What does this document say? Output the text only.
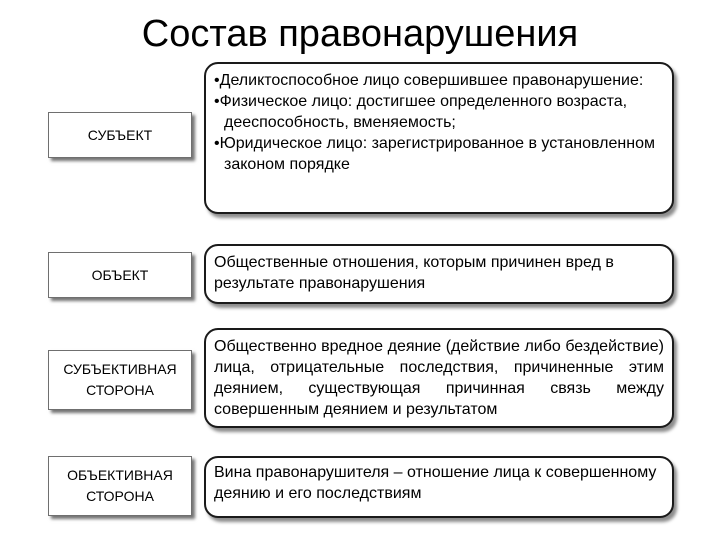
Состав правонарушения
СУБЪЕКТ
•Деликтоспособное лицо совершившее правонарушение:
•Физическое лицо: достигшее определенного возраста, дееспособность, вменяемость;
•Юридическое лицо: зарегистрированное в установленном законом порядке
ОБЪЕКТ
Общественные отношения, которым причинен вред в результате правонарушения
СУБЪЕКТИВНАЯ
СТОРОНА
Общественно вредное деяние (действие либо бездействие) лица, отрицательные последствия, причиненные этим деянием, существующая причинная связь между совершенным деянием и результатом
ОБЪЕКТИВНАЯ
СТОРОНА
Вина правонарушителя – отношение лица к совершенному деянию и его последствиям
